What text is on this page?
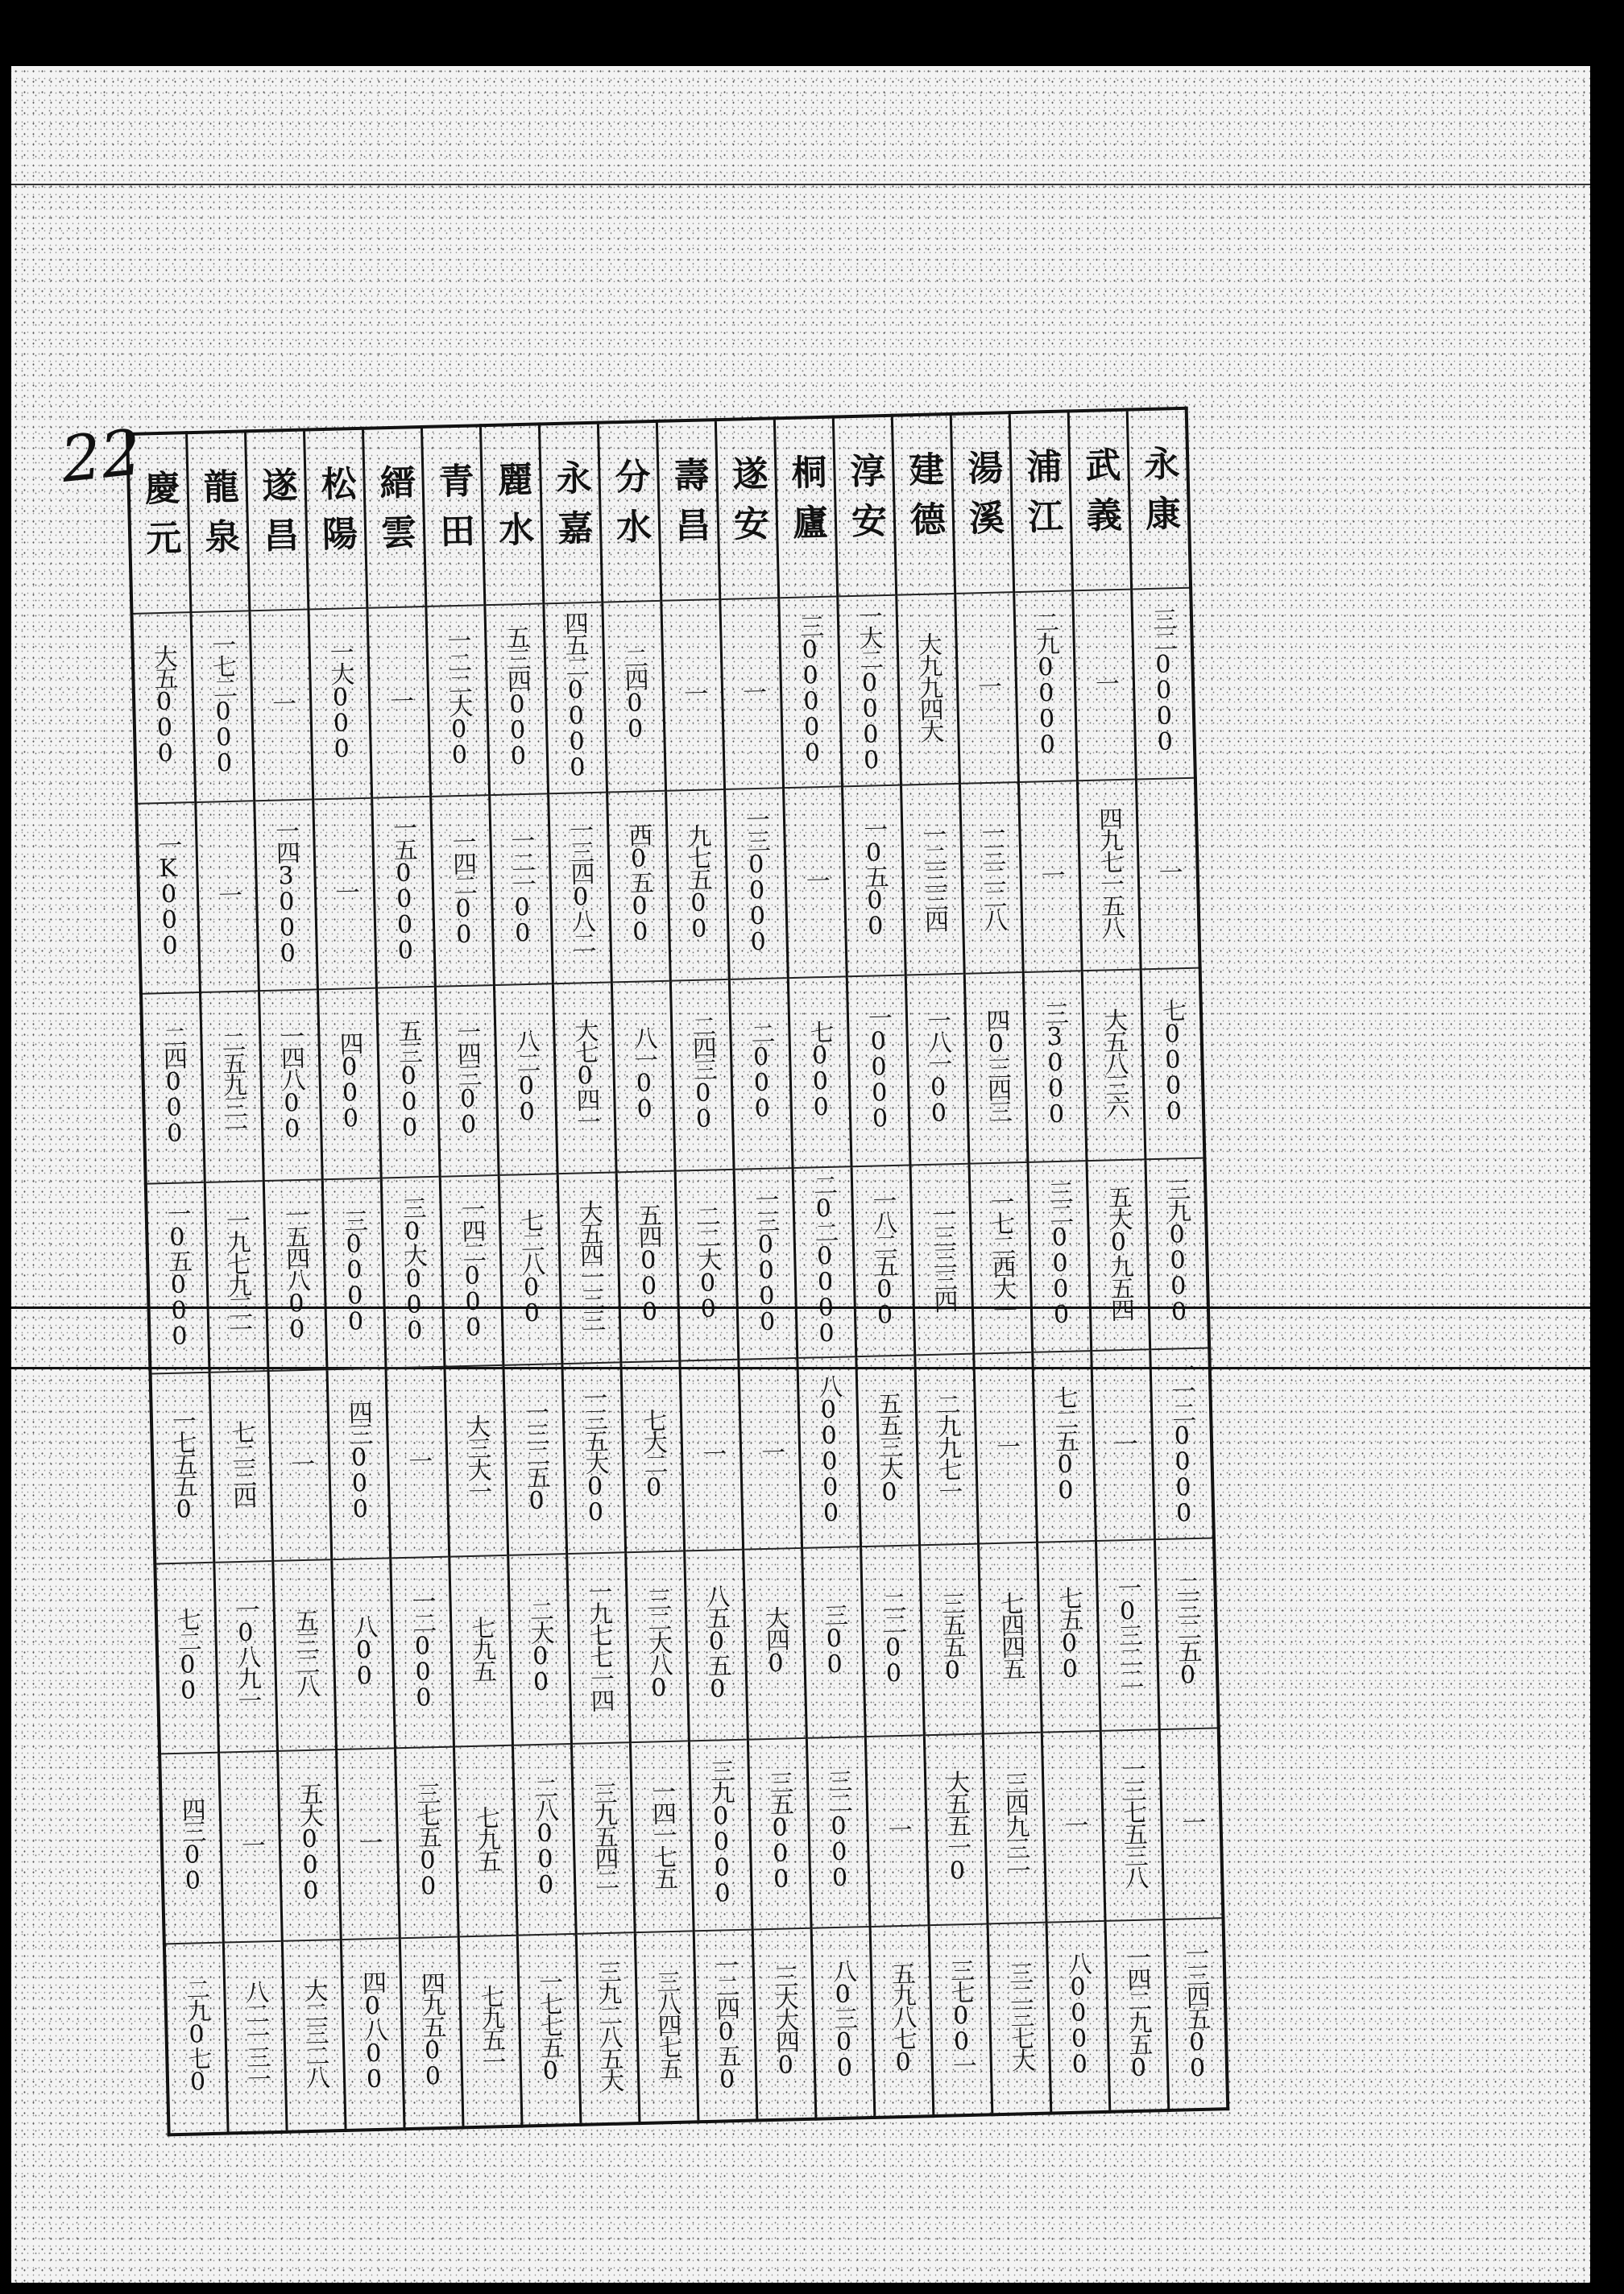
22
慶元	龍泉	遂昌	松陽	縉雲	青田	麗水	永嘉	分水	壽昌	遂安	桐廬	淳安	建德	湯溪	浦江	武義	永康
大五000	一七二000	一	一大000	一	一二二大00	五三四000	四五二0000	二四00	一	一	三00000	一大二0000	大九九四大	一	二九0000	一	三二0000
一K000	一	一四3000	一	一五0000	一四二00	一二一00	一三四0八二	西0五00	九七五00	一三0000	一	一0五00	一二三三四	一三二二八	一	四九七一五八	一
二四000	二五九三一	一四八00	四000	五三000	一四三00	八二00	大七0四一	八一00	二四三00	二000	七000	一0000	一八一00	四0三四三	三3000	大五八三六	七0000
一0五000	一九七九三一	一五四八00	三0000	三0大000	一四二000	七二八00	大五四一三三	五四000	二二大00	一三0000	二0二0000	一八二五00	一三三三四	一七二西大一	三二0000	五大0九五四	三九0000
一七五五0	七二三四	一	四三000	一	大三大一	一三二五0	一三五大00	七大二0	一	一	八00000	五五三大0	二九九七一	一	七二五00	一	一一二0000
七二00	一0八九一	五三二八	八00	一二000	七九五	二大00	一九七七一四	三二大八0	八五0五0	大四0	三00	二二00	三五五0	七四四五	七五00	一0三二二	二三二五0
四三00	一	五大000	一	三七五00	七九五	二八000	三九五四二	一四一七五	三九0000	三五000	三二000	一	大五五一0	三四九三一	一	一三七五三八	一
二九0七0	八二一三一	大二三二八	四0八00	四九五00	七九五一	一七七五0	三九二八五大	三八四七五	一二四0五0	三大大四0	八0三00	五九八七0	三七00一	三二三七大	八0000	一四二九五0	一三四五00
